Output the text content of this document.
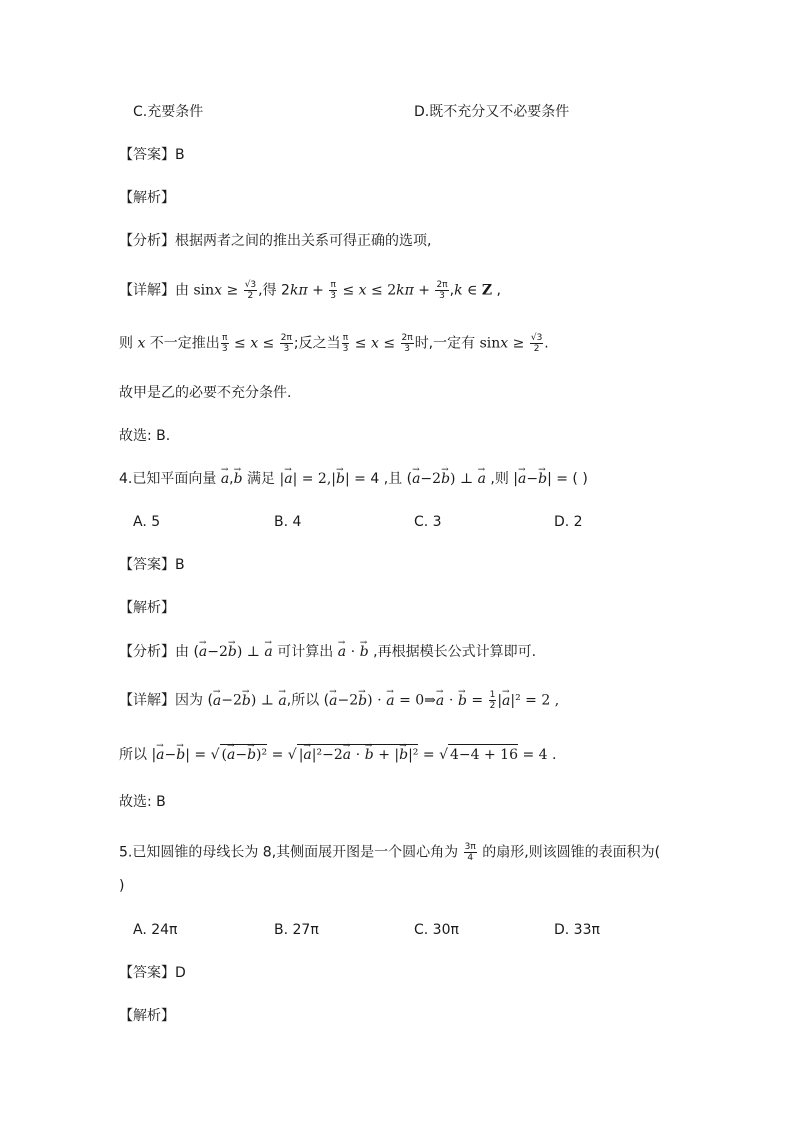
C.充要条件	D.既不充分又不必要条件
【答案】B
【解析】
【分析】根据两者之间的推出关系可得正确的选项,
【详解】由 $\sin x \ge \frac{√3}{2}$ ,得 $2k\pi + \frac{\pi}{3} \le x \le 2k\pi + \frac{2\pi}{3} ,k$ ∈ Z ,
则 x 不一定推出 $\frac{\pi}{3} \le x \le \frac{2\pi}{3}$ ;反之当 $\frac{\pi}{3} \le x \le \frac{2\pi}{3}$ 时,一定有 $\sin x \ge \frac{√3}{2}$ .
故甲是乙的必要不充分条件.
故选: B.
4.已知平面向量 → a,→ b 满足 |→ a| = 2,|→ b| = 4 ,且 (→ a−2→ b) ⊥ → a ,则 |→ a−→ b| = ( )
A. 5	B. 4	C. 3	D. 2
【答案】B
【解析】
【分析】由 (→ a−2→ b) ⊥ → a 可计算出 → a ⋅ → b ,再根据模长公式计算即可.
【详解】因为 (→ a−2→ b) ⊥ → a,所以 (→ a−2→ b) ⋅ → a = 0⇒→ a ⋅ → $b = \frac{1}{2}$ |→ a|² = 2 ,
所以 |→ a−→ b| = √ (→ a−→ b)² = √ |→ a|²−2→ a ⋅ → b + |→ b|² = √ 4−4 + 16 = 4 .
故选: B
5.已知圆锥的母线长为 8,其侧面展开图是一个圆心角为 $\frac{3\pi}{4}$ 的扇形,则该圆锥的表面积为(
)
A. 24π	B. 27π	C. 30π	D. 33π
【答案】D
【解析】
